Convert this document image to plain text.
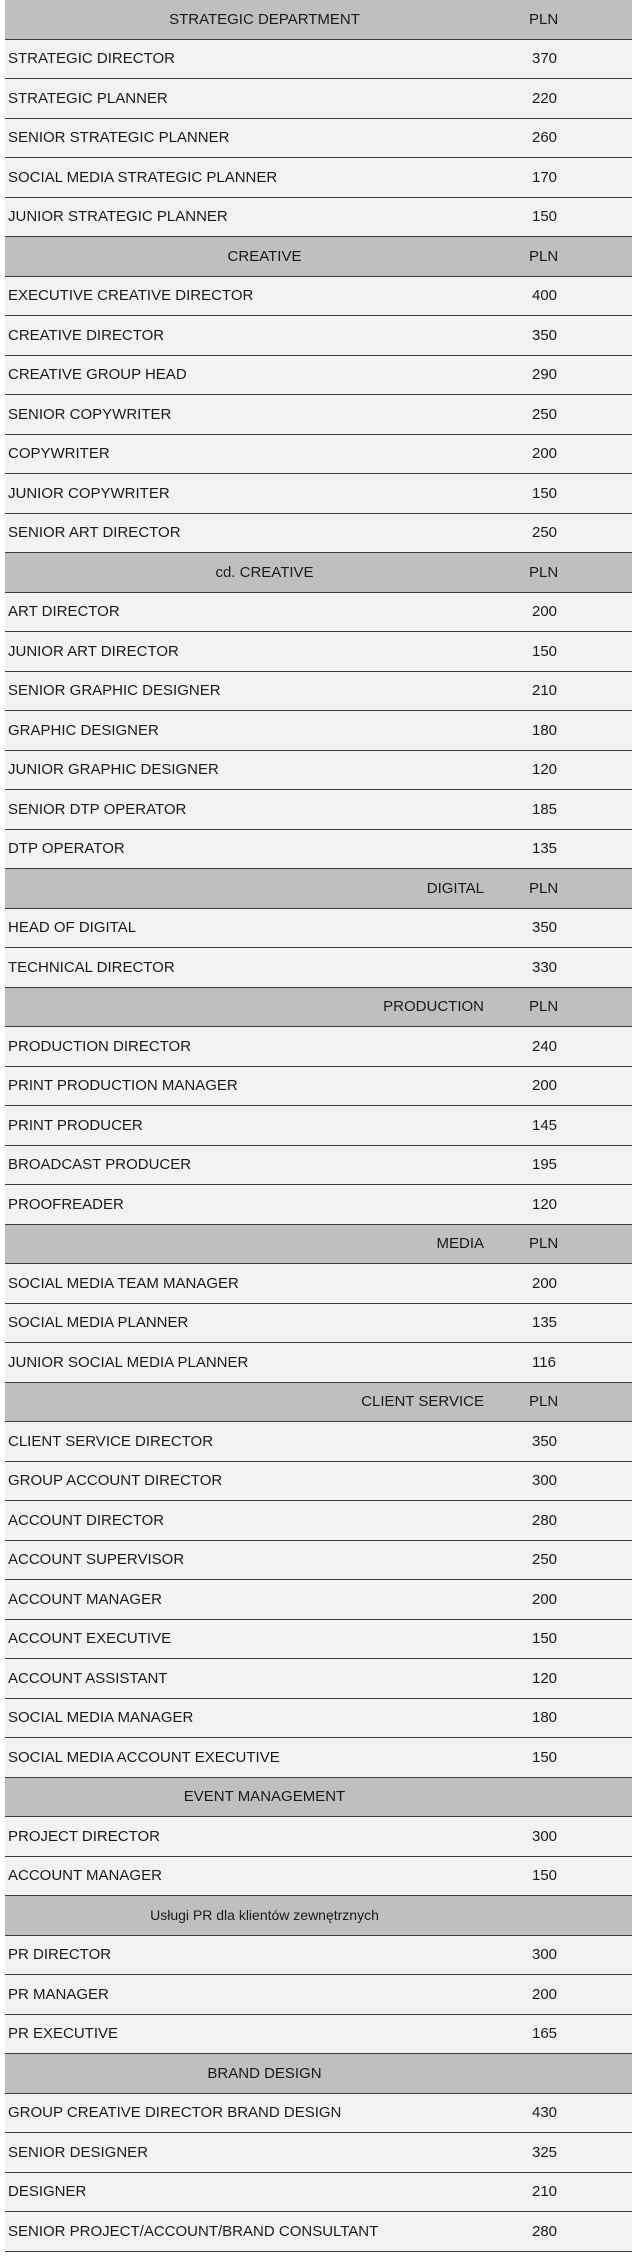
STRATEGIC DEPARTMENT	PLN
STRATEGIC DIRECTOR	370
STRATEGIC PLANNER	220
SENIOR STRATEGIC PLANNER	260
SOCIAL MEDIA STRATEGIC PLANNER	170
JUNIOR STRATEGIC PLANNER	150
CREATIVE	PLN
EXECUTIVE CREATIVE DIRECTOR	400
CREATIVE DIRECTOR	350
CREATIVE GROUP HEAD	290
SENIOR COPYWRITER	250
COPYWRITER	200
JUNIOR COPYWRITER	150
SENIOR ART DIRECTOR	250
cd. CREATIVE	PLN
ART DIRECTOR	200
JUNIOR ART DIRECTOR	150
SENIOR GRAPHIC DESIGNER	210
GRAPHIC DESIGNER	180
JUNIOR GRAPHIC DESIGNER	120
SENIOR DTP OPERATOR	185
DTP OPERATOR	135
DIGITAL	PLN
HEAD OF DIGITAL	350
TECHNICAL DIRECTOR	330
PRODUCTION	PLN
PRODUCTION DIRECTOR	240
PRINT PRODUCTION MANAGER	200
PRINT PRODUCER	145
BROADCAST PRODUCER	195
PROOFREADER	120
MEDIA	PLN
SOCIAL MEDIA TEAM MANAGER	200
SOCIAL MEDIA PLANNER	135
JUNIOR SOCIAL MEDIA PLANNER	116
CLIENT SERVICE	PLN
CLIENT SERVICE DIRECTOR	350
GROUP ACCOUNT DIRECTOR	300
ACCOUNT DIRECTOR	280
ACCOUNT SUPERVISOR	250
ACCOUNT MANAGER	200
ACCOUNT EXECUTIVE	150
ACCOUNT ASSISTANT	120
SOCIAL MEDIA MANAGER	180
SOCIAL MEDIA ACCOUNT EXECUTIVE	150
EVENT MANAGEMENT
PROJECT DIRECTOR	300
ACCOUNT MANAGER	150
Usługi PR dla klientów zewnętrznych
PR DIRECTOR	300
PR MANAGER	200
PR EXECUTIVE	165
BRAND DESIGN
GROUP CREATIVE DIRECTOR BRAND DESIGN	430
SENIOR DESIGNER	325
DESIGNER	210
SENIOR PROJECT/ACCOUNT/BRAND CONSULTANT	280
